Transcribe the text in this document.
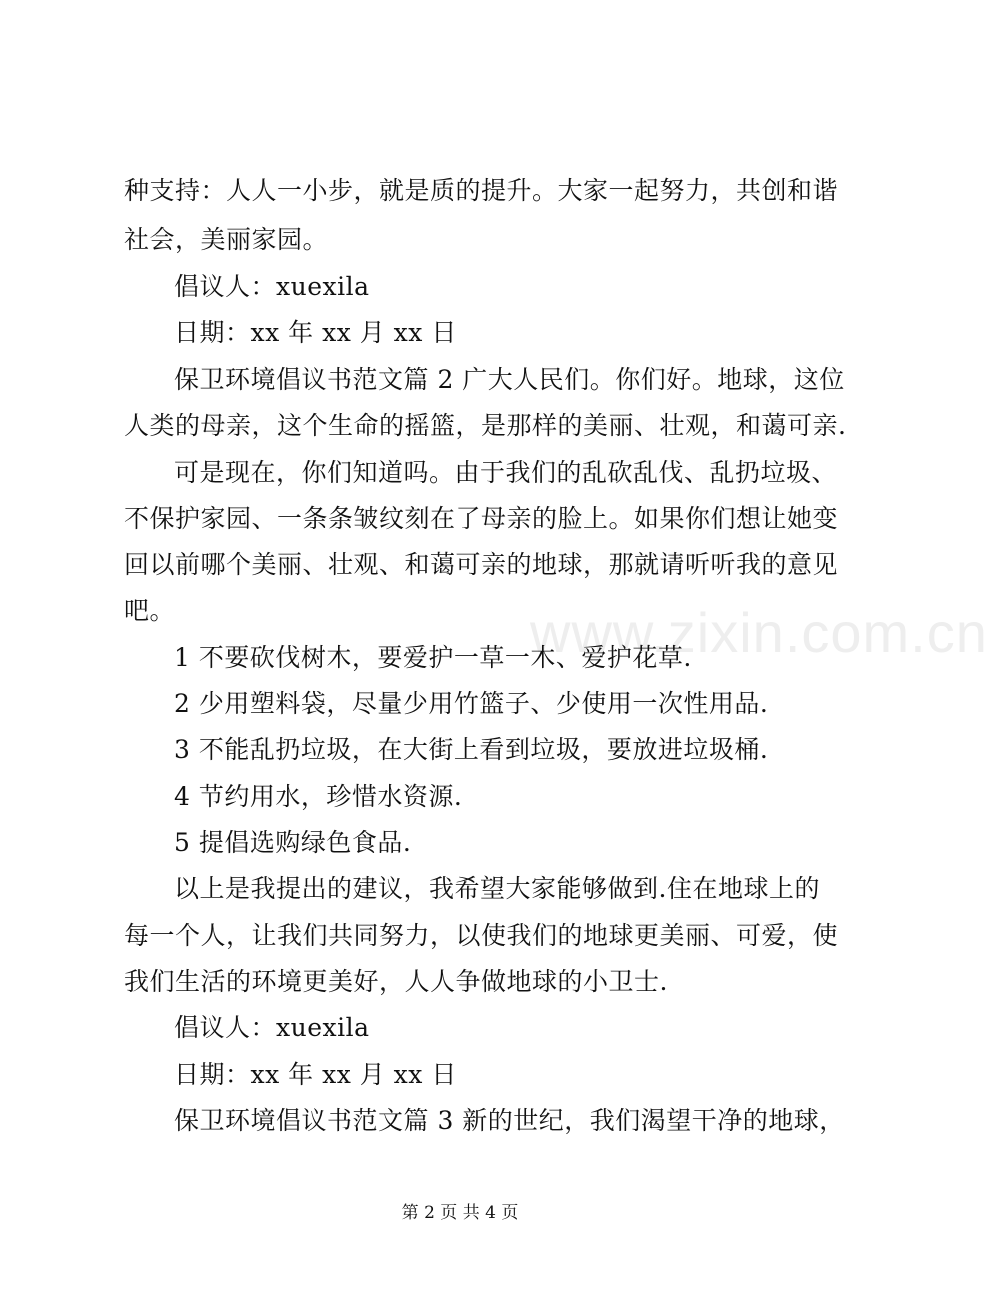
www.zixin.com.cn
种支持：人人一小步，就是质的提升。大家一起努力，共创和谐
社会，美丽家园。
倡议人：xuexila
日期：xx 年 xx 月 xx 日
保卫环境倡议书范文篇 2 广大人民们。你们好。地球，这位
人类的母亲，这个生命的摇篮，是那样的美丽、壮观，和蔼可亲.
可是现在，你们知道吗。由于我们的乱砍乱伐、乱扔垃圾、
不保护家园、一条条皱纹刻在了母亲的脸上。如果你们想让她变
回以前哪个美丽、壮观、和蔼可亲的地球，那就请听听我的意见
吧。
1 不要砍伐树木，要爱护一草一木、爱护花草.
2 少用塑料袋，尽量少用竹篮子、少使用一次性用品.
3 不能乱扔垃圾，在大街上看到垃圾，要放进垃圾桶.
4 节约用水，珍惜水资源.
5 提倡选购绿色食品.
以上是我提出的建议，我希望大家能够做到.住在地球上的
每一个人，让我们共同努力，以使我们的地球更美丽、可爱，使
我们生活的环境更美好，人人争做地球的小卫士.
倡议人：xuexila
日期：xx 年 xx 月 xx 日
保卫环境倡议书范文篇 3 新的世纪，我们渴望干净的地球，
第 2 页 共 4 页
